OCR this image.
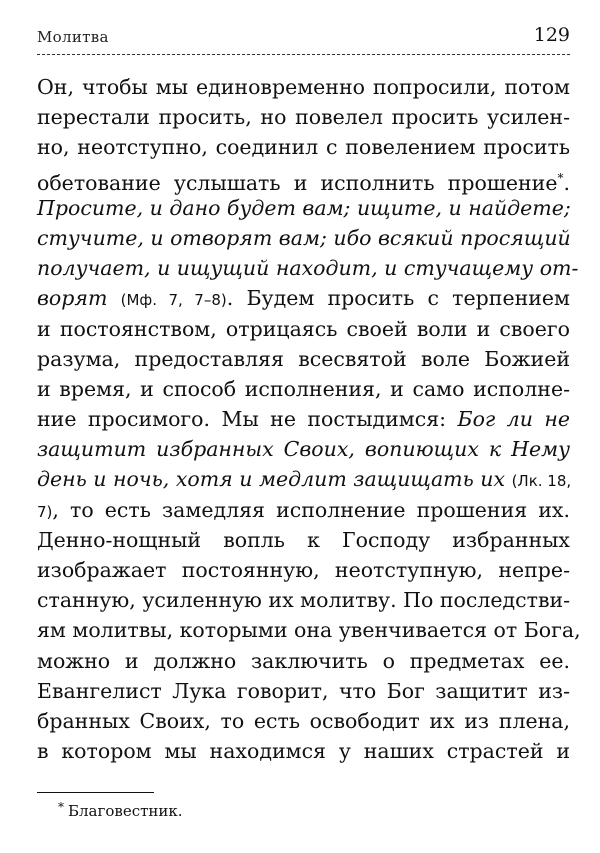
Молитва	129
Он, чтобы мы единовременно попросили, потом
перестали просить, но повелел просить усилен-
но, неотступно, соединил с повелением просить
обетование услышать и исполнить прошение*.
Просите, и дано будет вам; ищите, и найдете;
стучите, и отворят вам; ибо всякий просящий
получает, и ищущий находит, и стучащему от-
ворят (Мф. 7, 7–8). Будем просить с терпением
и постоянством, отрицаясь своей воли и своего
разума, предоставляя всесвятой воле Божией
и время, и способ исполнения, и само исполне-
ние просимого. Мы не постыдимся: Бог ли не
защитит избранных Своих, вопиющих к Нему
день и ночь, хотя и медлит защищать их (Лк. 18,
7), то есть замедляя исполнение прошения их.
Денно-нощный вопль к Господу избранных
изображает постоянную, неотступную, непре-
станную, усиленную их молитву. По последстви-
ям молитвы, которыми она увенчивается от Бога,
можно и должно заключить о предметах ее.
Евангелист Лука говорит, что Бог защитит из-
бранных Своих, то есть освободит их из плена,
в котором мы находимся у наших страстей и
* Благовестник.
